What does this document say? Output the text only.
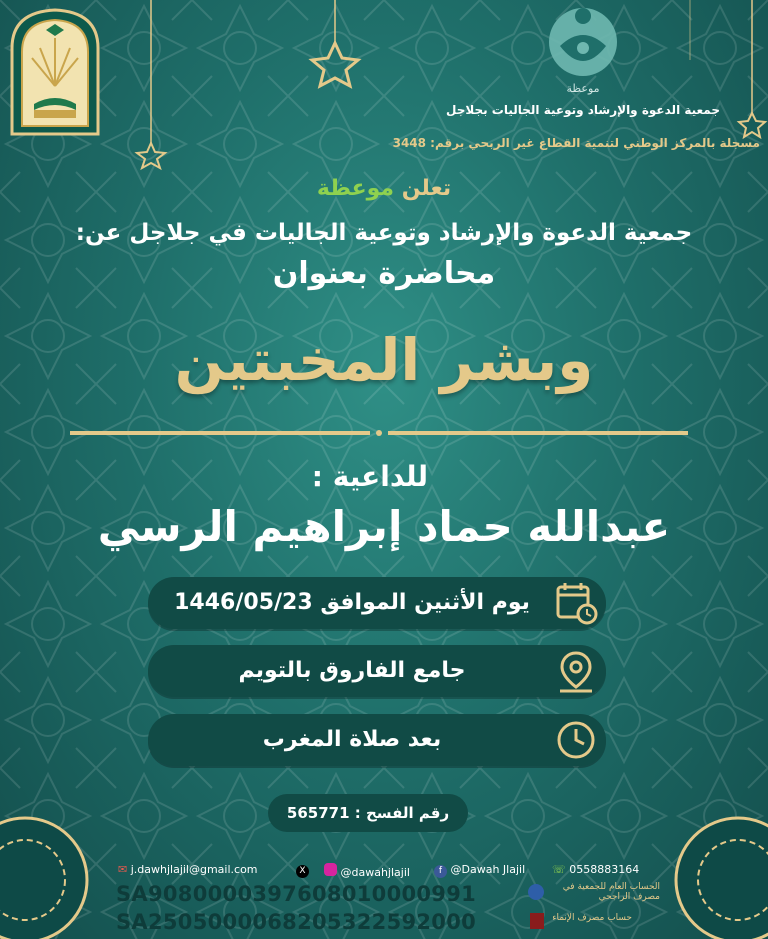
موعظة
جمعية الدعوة والإرشاد وتوعية الجاليات بجلاجل
مسجلة بالمركز الوطني لتنمية القطاع غير الربحي برقم: 3448
تعلن موعظة
جمعية الدعوة والإرشاد وتوعية الجاليات في جلاجل عن:
محاضرة بعنوان
وبشر المخبتين
للداعية :
عبدالله حماد إبراهيم الرسي
يوم الأثنين الموافق 1446/05/23
جامع الفاروق بالتويم
بعد صلاة المغرب
رقم الفسح : 565771
✉ j.dawhjlajil@gmail.com	X	@dawahjlajil	f @Dawah Jlajil ☏ 0558883164
SA9080000397608010000991	الحساب العام للجمعية في مصرف الراجحي
SA2505000068205322592000	حساب مصرف الإنماء
